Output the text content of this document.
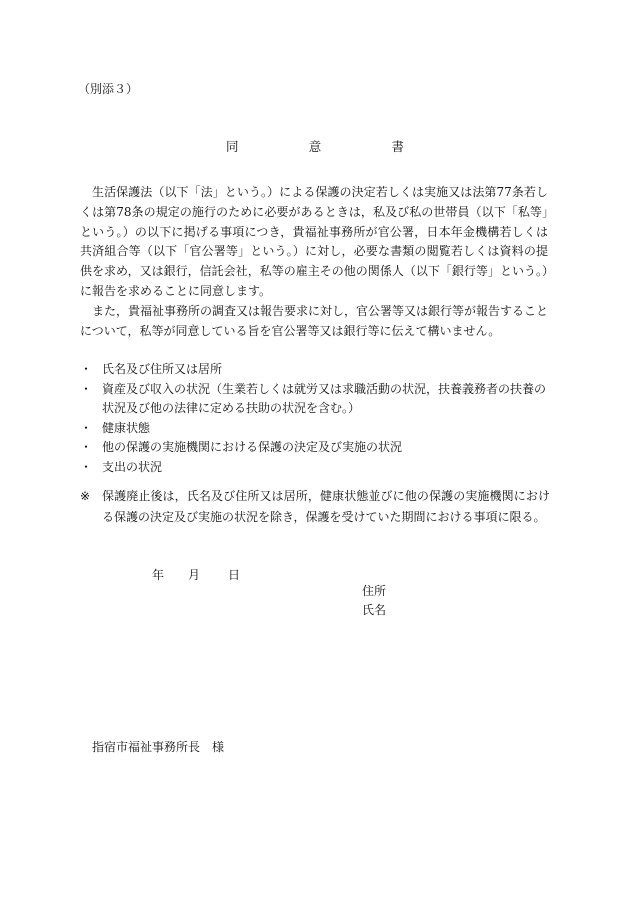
（別添３）
同	意	書

生活保護法（以下「法」という。）による保護の決定若しくは実施又は法第77条若しくは第78条の規定の施行のために必要があるときは，私及び私の世帯員（以下「私等」という。）の以下に掲げる事項につき，貴福祉事務所が官公署，日本年金機構若しくは共済組合等（以下「官公署等」という。）に対し，必要な書類の閲覧若しくは資料の提供を求め，又は銀行，信託会社，私等の雇主その他の関係人（以下「銀行等」という。）に報告を求めることに同意します。

また，貴福祉事務所の調査又は報告要求に対し，官公署等又は銀行等が報告することについて，私等が同意している旨を官公署等又は銀行等に伝えて構いません。

・ 氏名及び住所又は居所
・ 資産及び収入の状況（生業若しくは就労又は求職活動の状況，扶養義務者の扶養の状況及び他の法律に定める扶助の状況を含む。）
・ 健康状態
・ 他の保護の実施機関における保護の決定及び実施の状況
・ 支出の状況
※ 保護廃止後は，氏名及び住所又は居所，健康状態並びに他の保護の実施機関における保護の決定及び実施の状況を除き，保護を受けていた期間における事項に限る。
年	月	日
住所
氏名
指宿市福祉事務所長　様
